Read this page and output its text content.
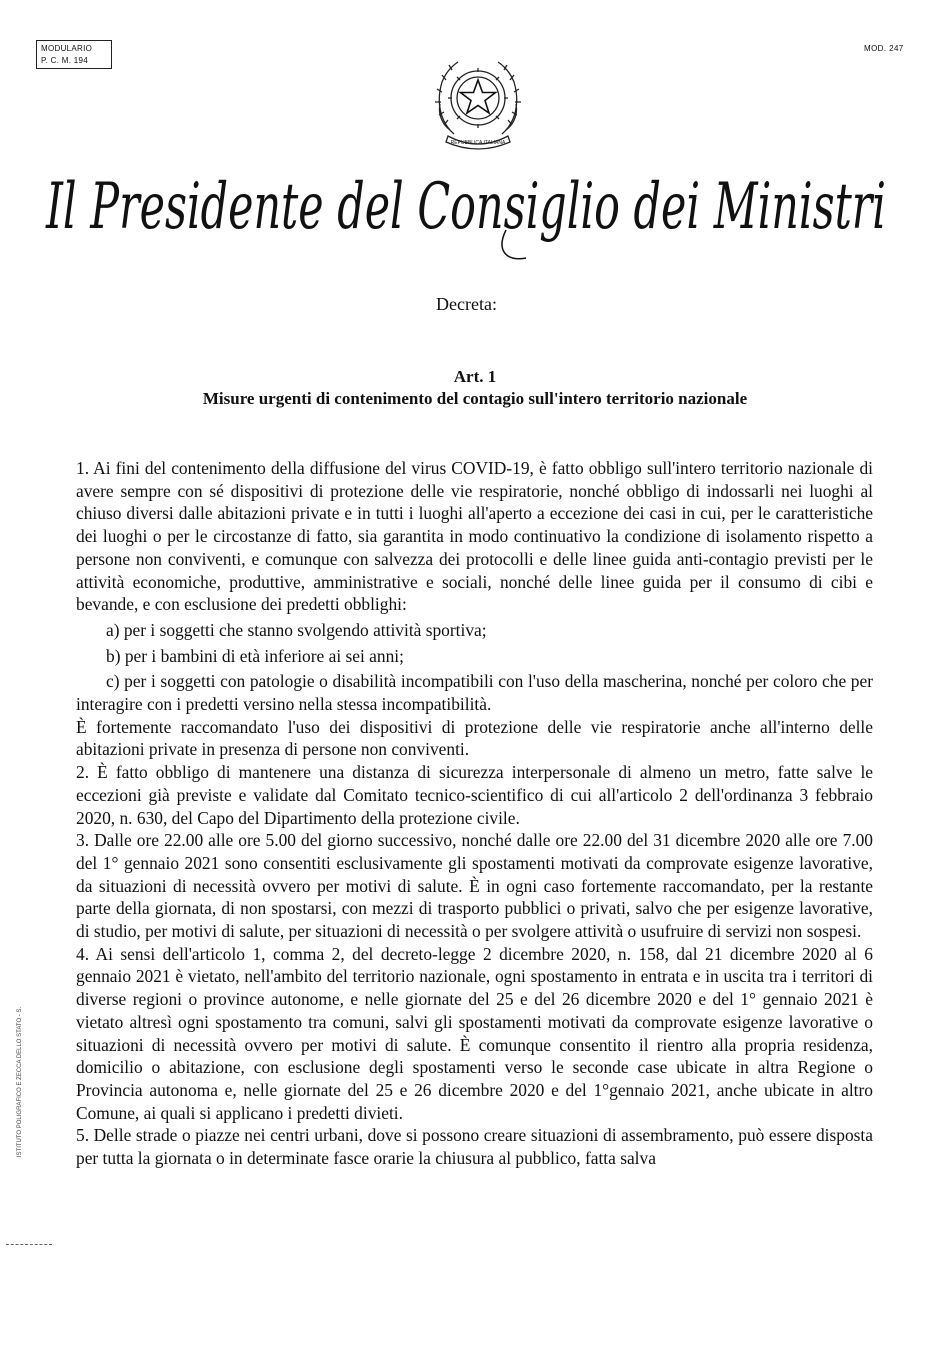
MODULARIO
P. C. M. 194
MOD. 247
REPUBBLICA ITALIANA
Il Presidente del Consiglio dei Ministri
ISTITUTO POLIGRAFICO E ZECCA DELLO STATO - S.
Decreta:
Art. 1
Misure urgenti di contenimento del contagio sull'intero territorio nazionale

1. Ai fini del contenimento della diffusione del virus COVID-19, è fatto obbligo sull'intero territorio nazionale di avere sempre con sé dispositivi di protezione delle vie respiratorie, nonché obbligo di indossarli nei luoghi al chiuso diversi dalle abitazioni private e in tutti i luoghi all'aperto a eccezione dei casi in cui, per le caratteristiche dei luoghi o per le circostanze di fatto, sia garantita in modo continuativo la condizione di isolamento rispetto a persone non conviventi, e comunque con salvezza dei protocolli e delle linee guida anti-contagio previsti per le attività economiche, produttive, amministrative e sociali, nonché delle linee guida per il consumo di cibi e bevande, e con esclusione dei predetti obblighi:

a) per i soggetti che stanno svolgendo attività sportiva;

b) per i bambini di età inferiore ai sei anni;

c) per i soggetti con patologie o disabilità incompatibili con l'uso della mascherina, nonché per coloro che per interagire con i predetti versino nella stessa incompatibilità.

È fortemente raccomandato l'uso dei dispositivi di protezione delle vie respiratorie anche all'interno delle abitazioni private in presenza di persone non conviventi.

2. È fatto obbligo di mantenere una distanza di sicurezza interpersonale di almeno un metro, fatte salve le eccezioni già previste e validate dal Comitato tecnico-scientifico di cui all'articolo 2 dell'ordinanza 3 febbraio 2020, n. 630, del Capo del Dipartimento della protezione civile.

3. Dalle ore 22.00 alle ore 5.00 del giorno successivo, nonché dalle ore 22.00 del 31 dicembre 2020 alle ore 7.00 del 1° gennaio 2021 sono consentiti esclusivamente gli spostamenti motivati da comprovate esigenze lavorative, da situazioni di necessità ovvero per motivi di salute. È in ogni caso fortemente raccomandato, per la restante parte della giornata, di non spostarsi, con mezzi di trasporto pubblici o privati, salvo che per esigenze lavorative, di studio, per motivi di salute, per situazioni di necessità o per svolgere attività o usufruire di servizi non sospesi.

4. Ai sensi dell'articolo 1, comma 2, del decreto-legge 2 dicembre 2020, n. 158, dal 21 dicembre 2020 al 6 gennaio 2021 è vietato, nell'ambito del territorio nazionale, ogni spostamento in entrata e in uscita tra i territori di diverse regioni o province autonome, e nelle giornate del 25 e del 26 dicembre 2020 e del 1° gennaio 2021 è vietato altresì ogni spostamento tra comuni, salvi gli spostamenti motivati da comprovate esigenze lavorative o situazioni di necessità ovvero per motivi di salute. È comunque consentito il rientro alla propria residenza, domicilio o abitazione, con esclusione degli spostamenti verso le seconde case ubicate in altra Regione o Provincia autonoma e, nelle giornate del 25 e 26 dicembre 2020 e del 1°gennaio 2021, anche ubicate in altro Comune, ai quali si applicano i predetti divieti.

5. Delle strade o piazze nei centri urbani, dove si possono creare situazioni di assembramento, può essere disposta per tutta la giornata o in determinate fasce orarie la chiusura al pubblico, fatta salva
